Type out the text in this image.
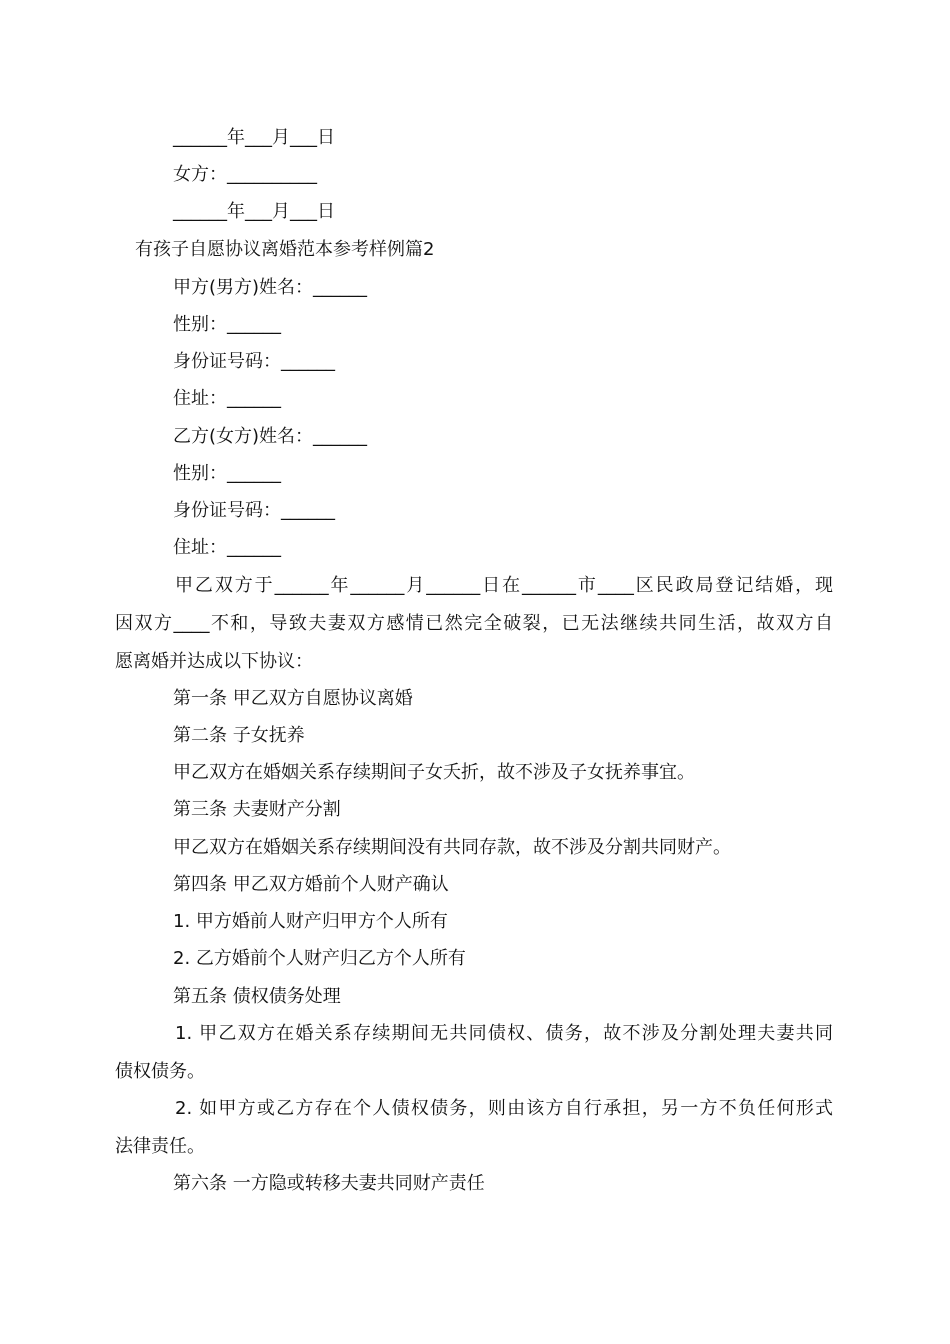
______年___月___日
女方：__________
______年___月___日
有孩子自愿协议离婚范本参考样例篇2
甲方(男方)姓名：______
性别：______
身份证号码：______
住址：______
乙方(女方)姓名：______
性别：______
身份证号码：______
住址：______
甲乙双方于______年______月______日在______市____区民政局登记结婚，现
因双方____不和，导致夫妻双方感情已然完全破裂，已无法继续共同生活，故双方自
愿离婚并达成以下协议：
第一条 甲乙双方自愿协议离婚
第二条 子女抚养
甲乙双方在婚姻关系存续期间子女夭折，故不涉及子女抚养事宜。
第三条 夫妻财产分割
甲乙双方在婚姻关系存续期间没有共同存款，故不涉及分割共同财产。
第四条 甲乙双方婚前个人财产确认
1. 甲方婚前人财产归甲方个人所有
2. 乙方婚前个人财产归乙方个人所有
第五条 债权债务处理
1. 甲乙双方在婚关系存续期间无共同债权、债务，故不涉及分割处理夫妻共同
债权债务。
2. 如甲方或乙方存在个人债权债务，则由该方自行承担，另一方不负任何形式
法律责任。
第六条 一方隐或转移夫妻共同财产责任
